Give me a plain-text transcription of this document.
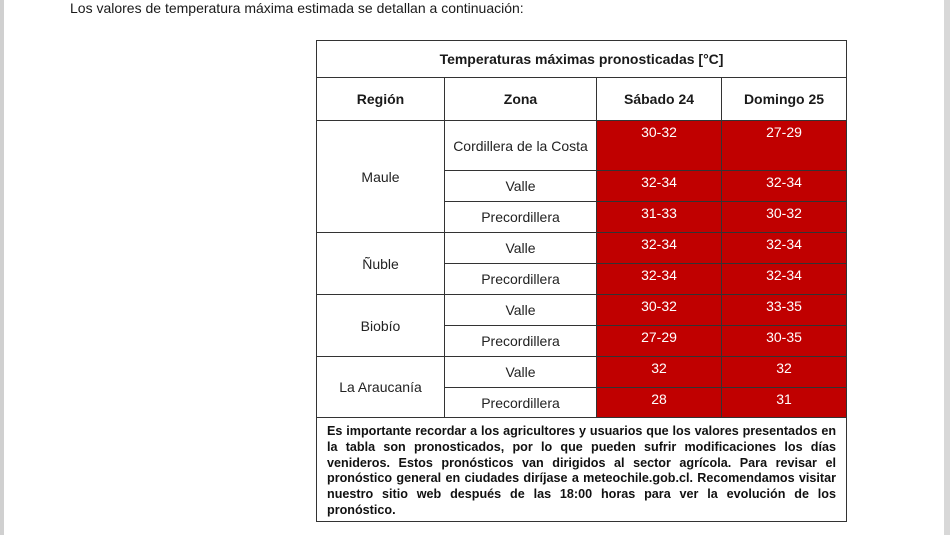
Los valores de temperatura máxima estimada se detallan a continuación:
Temperaturas máximas pronosticadas [°C]			
Región	Zona	Sábado 24	Domingo 25
Maule	Cordillera de la Costa	30-32	27-29
	Valle	32-34	32-34
	Precordillera	31-33	30-32
Ñuble	Valle	32-34	32-34
	Precordillera	32-34	32-34
Biobío	Valle	30-32	33-35
	Precordillera	27-29	30-35
La Araucanía	Valle	32	32
	Precordillera	28	31
Es importante recordar a los agricultores y usuarios que los valores presentados en la tabla son pronosticados, por lo que pueden sufrir modificaciones los días venideros. Estos pronósticos van dirigidos al sector agrícola. Para revisar el pronóstico general en ciudades diríjase a meteochile.gob.cl. Recomendamos visitar nuestro sitio web después de las 18:00 horas para ver la evolución de los pronóstico.			
